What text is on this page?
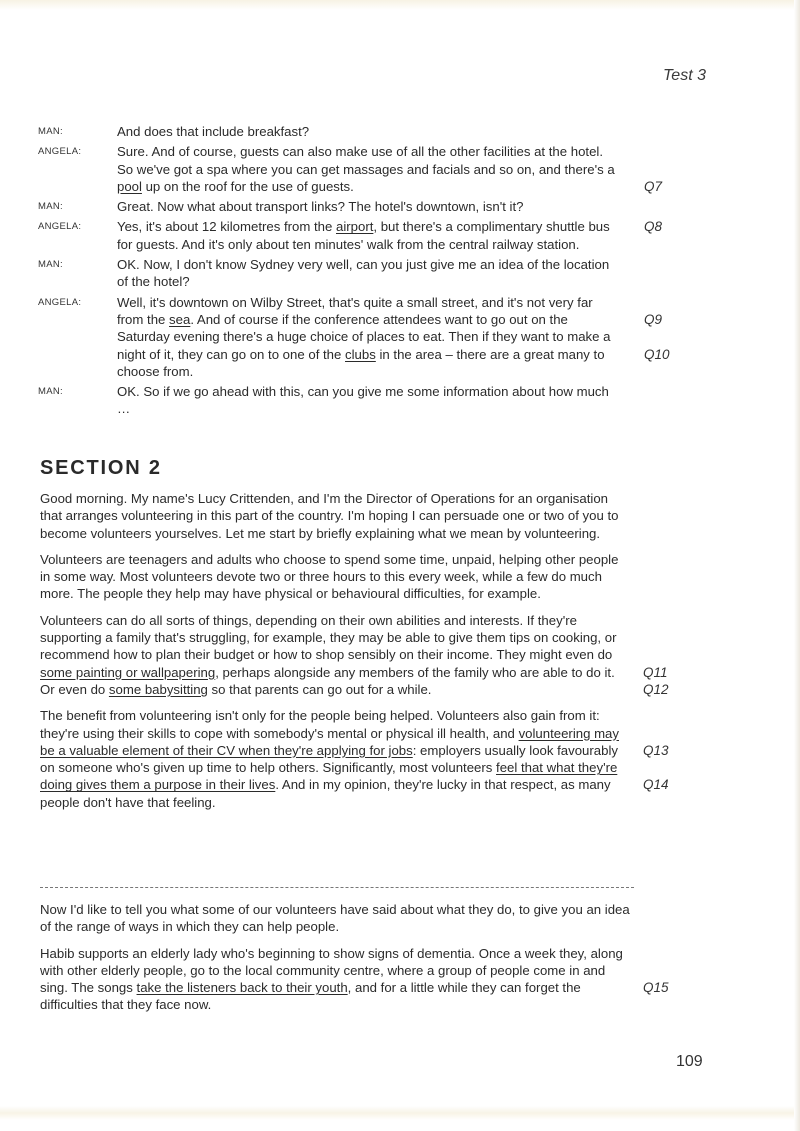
Test 3
MAN:	And does that include breakfast?
ANGELA:	Sure. And of course, guests can also make use of all the other facilities at the hotel. So we've got a spa where you can get massages and facials and so on, and there's a pool up on the roof for the use of guests.	Q7
MAN:	Great. Now what about transport links? The hotel's downtown, isn't it?
ANGELA:	Yes, it's about 12 kilometres from the airport, but there's a complimentary shuttle bus for guests. And it's only about ten minutes' walk from the central railway station.
Q8
MAN:	OK. Now, I don't know Sydney very well, can you just give me an idea of the location of the hotel?
ANGELA:	Well, it's downtown on Wilby Street, that's quite a small street, and it's not very far from the sea. And of course if the conference attendees want to go out on the Saturday evening there's a huge choice of places to eat. Then if they want to make a night of it, they can go on to one of the clubs in the area – there are a great many to choose from.
Q9
Q10
MAN:	OK. So if we go ahead with this, can you give me some information about how much …
SECTION 2

Good morning. My name's Lucy Crittenden, and I'm the Director of Operations for an organisation that arranges volunteering in this part of the country. I'm hoping I can persuade one or two of you to become volunteers yourselves. Let me start by briefly explaining what we mean by volunteering.

Volunteers are teenagers and adults who choose to spend some time, unpaid, helping other people in some way. Most volunteers devote two or three hours to this every week, while a few do much more. The people they help may have physical or behavioural difficulties, for example.

Volunteers can do all sorts of things, depending on their own abilities and interests. If they're supporting a family that's struggling, for example, they may be able to give them tips on cooking, or recommend how to plan their budget or how to shop sensibly on their income. They might even do some painting or wallpapering, perhaps alongside any members of the family who are able to do it. Or even do some babysitting so that parents can go out for a while.
Q11
Q12

The benefit from volunteering isn't only for the people being helped. Volunteers also gain from it: they're using their skills to cope with somebody's mental or physical ill health, and volunteering may be a valuable element of their CV when they're applying for jobs: employers usually look favourably on someone who's given up time to help others. Significantly, most volunteers feel that what they're doing gives them a purpose in their lives. And in my opinion, they're lucky in that respect, as many people don't have that feeling.
Q13
Q14

Now I'd like to tell you what some of our volunteers have said about what they do, to give you an idea of the range of ways in which they can help people.

Habib supports an elderly lady who's beginning to show signs of dementia. Once a week they, along with other elderly people, go to the local community centre, where a group of people come in and sing. The songs take the listeners back to their youth, and for a little while they can forget the difficulties that they face now.
Q15

109
